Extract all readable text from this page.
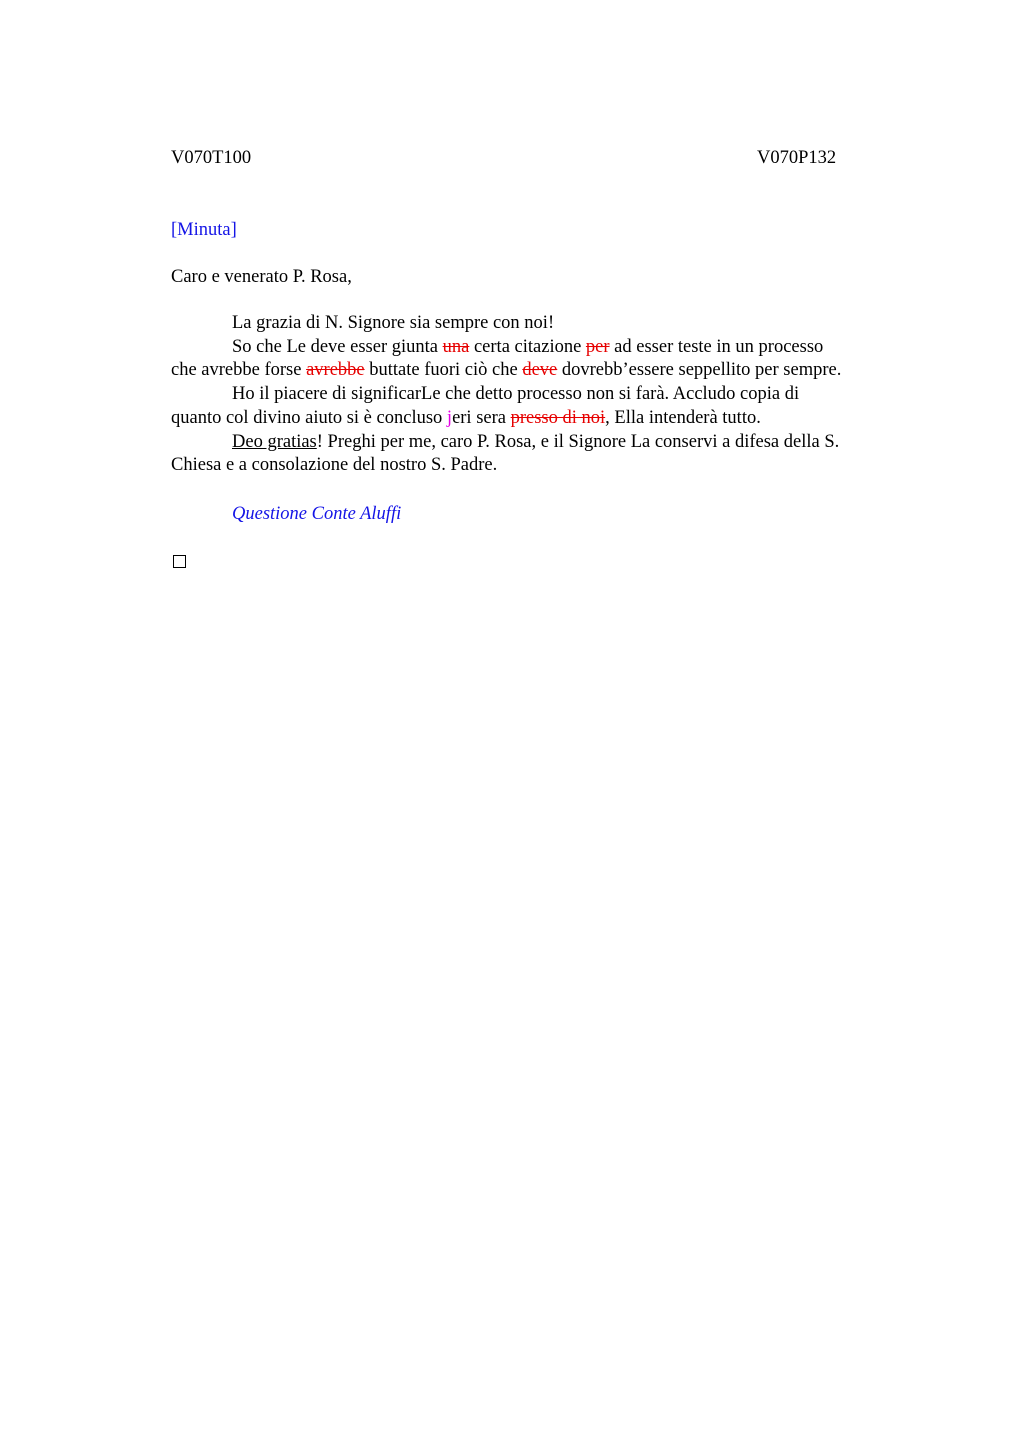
V070T100	V070P132
[Minuta]
Caro e venerato P. Rosa,

La grazia di N. Signore sia sempre con noi!

So che Le deve esser giunta una certa citazione per ad esser teste in un processo

che avrebbe forse avrebbe buttate fuori ciò che deve dovrebb’essere seppellito per sempre.

Ho il piacere di significarLe che detto processo non si farà. Accludo copia di

quanto col divino aiuto si è concluso jeri sera presso di noi, Ella intenderà tutto.

Deo gratias! Preghi per me, caro P. Rosa, e il Signore La conservi a difesa della S.

Chiesa e a consolazione del nostro S. Padre.

Questione Conte Aluffi
